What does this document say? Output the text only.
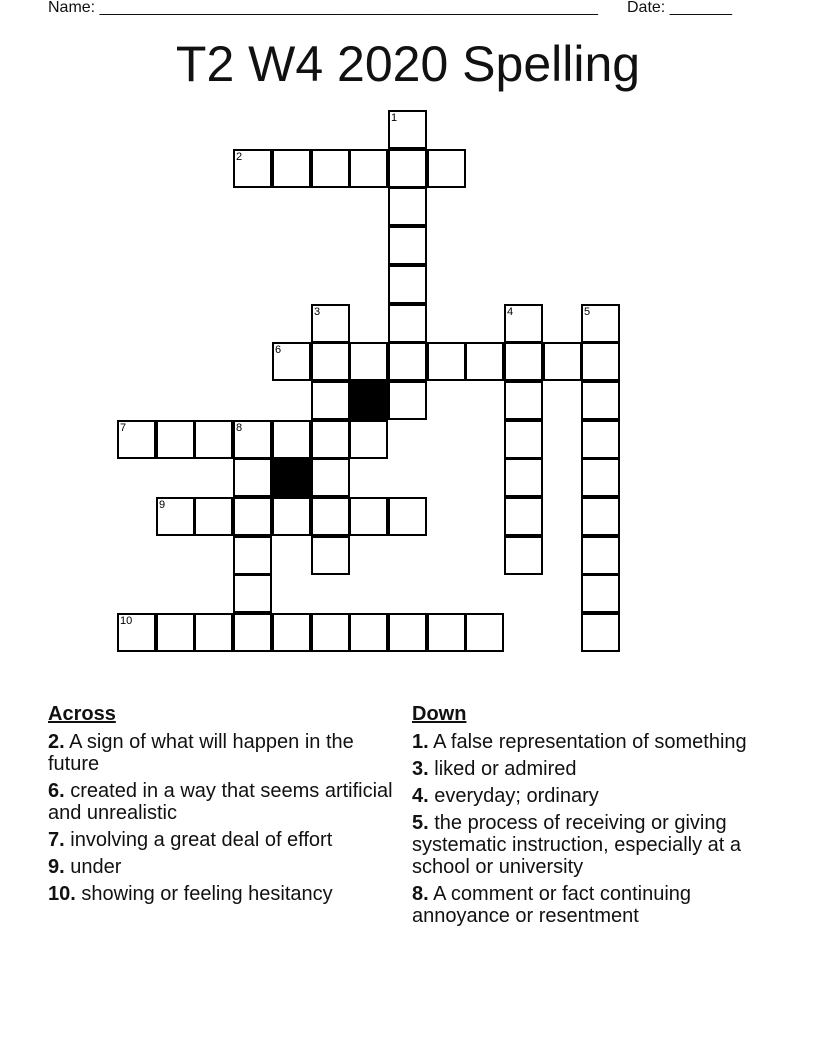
Name: ________________________________________________________ Date: _______
T2 W4 2020 Spelling
1
2
3	4	5
6
7	8
9
10
Across
2. A sign of what will happen in the future
6. created in a way that seems artificial and unrealistic
7. involving a great deal of effort
9. under
10. showing or feeling hesitancy
Down
1. A false representation of something
3. liked or admired
4. everyday; ordinary
5. the process of receiving or giving systematic instruction, especially at a school or university
8. A comment or fact continuing annoyance or resentment
